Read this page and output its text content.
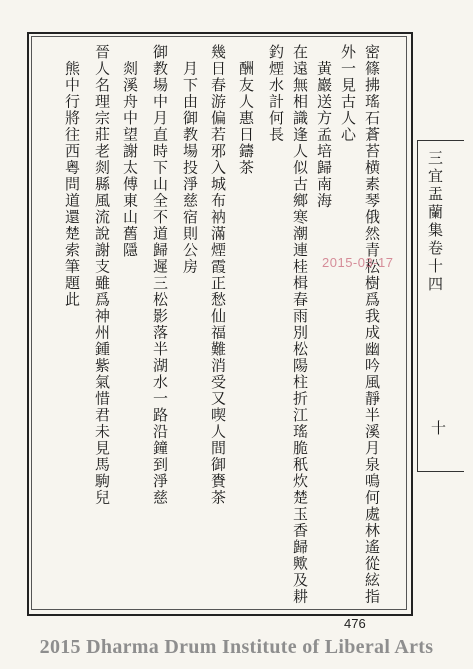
密篠拂瑤石蒼苔横素琴俄然青松樹爲我成幽吟風靜半溪月泉鳴何處林遙從絃指
外一見古人心
　黄巖送方孟培歸南海
在遠無相識逢人似古鄉寒潮連桂楫春雨別松陽柱折江瑤脆秖炊楚玉香歸歟及耕
釣煙水計何長
　酬友人惠日鑄茶
幾日春游偏若邪入城布衲滿煙霞正愁仙福難消受又喫人間御賚茶
　月下由御教場投淨慈宿則公房
御教場中月直時下山全不道歸遲三松影落半湖水一路沿鐘到淨慈
　剡溪舟中望謝太傅東山舊隱
晉人名理宗莊老剡縣風流說謝支雖爲神州鍾紫氣惜君未見馬駒兒
　熊中行將往西粵問道還楚索筆題此	三宜盂蘭集卷十四
十
2015-03-17
476
2015 Dharma Drum Institute of Liberal Arts
